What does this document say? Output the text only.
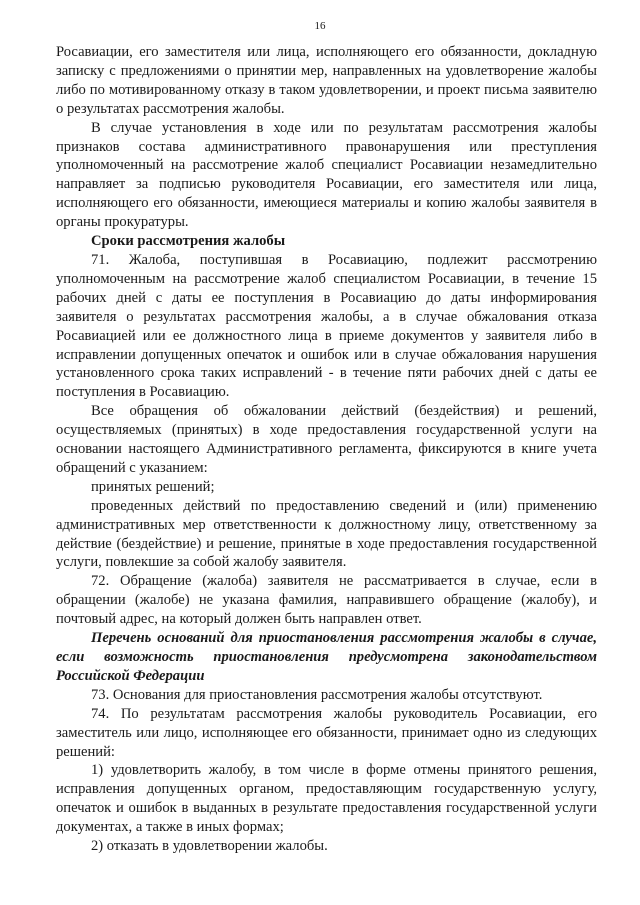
16

Росавиации, его заместителя или лица, исполняющего его обязанности, докладную записку с предложениями о принятии мер, направленных на удовлетворение жалобы либо по мотивированному отказу в таком удовлетворении, и проект письма заявителю о результатах рассмотрения жалобы.

В случае установления в ходе или по результатам рассмотрения жалобы признаков состава административного правонарушения или преступления уполномоченный на рассмотрение жалоб специалист Росавиации незамедлительно направляет за подписью руководителя Росавиации, его заместителя или лица, исполняющего его обязанности, имеющиеся материалы и копию жалобы заявителя в органы прокуратуры.

Сроки рассмотрения жалобы

71. Жалоба, поступившая в Росавиацию, подлежит рассмотрению уполномоченным на рассмотрение жалоб специалистом Росавиации, в течение 15 рабочих дней с даты ее поступления в Росавиацию до даты информирования заявителя о результатах рассмотрения жалобы, а в случае обжалования отказа Росавиацией или ее должностного лица в приеме документов у заявителя либо в исправлении допущенных опечаток и ошибок или в случае обжалования нарушения установленного срока таких исправлений - в течение пяти рабочих дней с даты ее поступления в Росавиацию.

Все обращения об обжаловании действий (бездействия) и решений, осуществляемых (принятых) в ходе предоставления государственной услуги на основании настоящего Административного регламента, фиксируются в книге учета обращений с указанием:

принятых решений;

проведенных действий по предоставлению сведений и (или) применению административных мер ответственности к должностному лицу, ответственному за действие (бездействие) и решение, принятые в ходе предоставления государственной услуги, повлекшие за собой жалобу заявителя.

72. Обращение (жалоба) заявителя не рассматривается в случае, если в обращении (жалобе) не указана фамилия, направившего обращение (жалобу), и почтовый адрес, на который должен быть направлен ответ.

Перечень оснований для приостановления рассмотрения жалобы в случае, если возможность приостановления предусмотрена законодательством Российской Федерации

73. Основания для приостановления рассмотрения жалобы отсутствуют.

74. По результатам рассмотрения жалобы руководитель Росавиации, его заместитель или лицо, исполняющее его обязанности, принимает одно из следующих решений:

1) удовлетворить жалобу, в том числе в форме отмены принятого решения, исправления допущенных органом, предоставляющим государственную услугу, опечаток и ошибок в выданных в результате предоставления государственной услуги документах, а также в иных формах;

2) отказать в удовлетворении жалобы.
